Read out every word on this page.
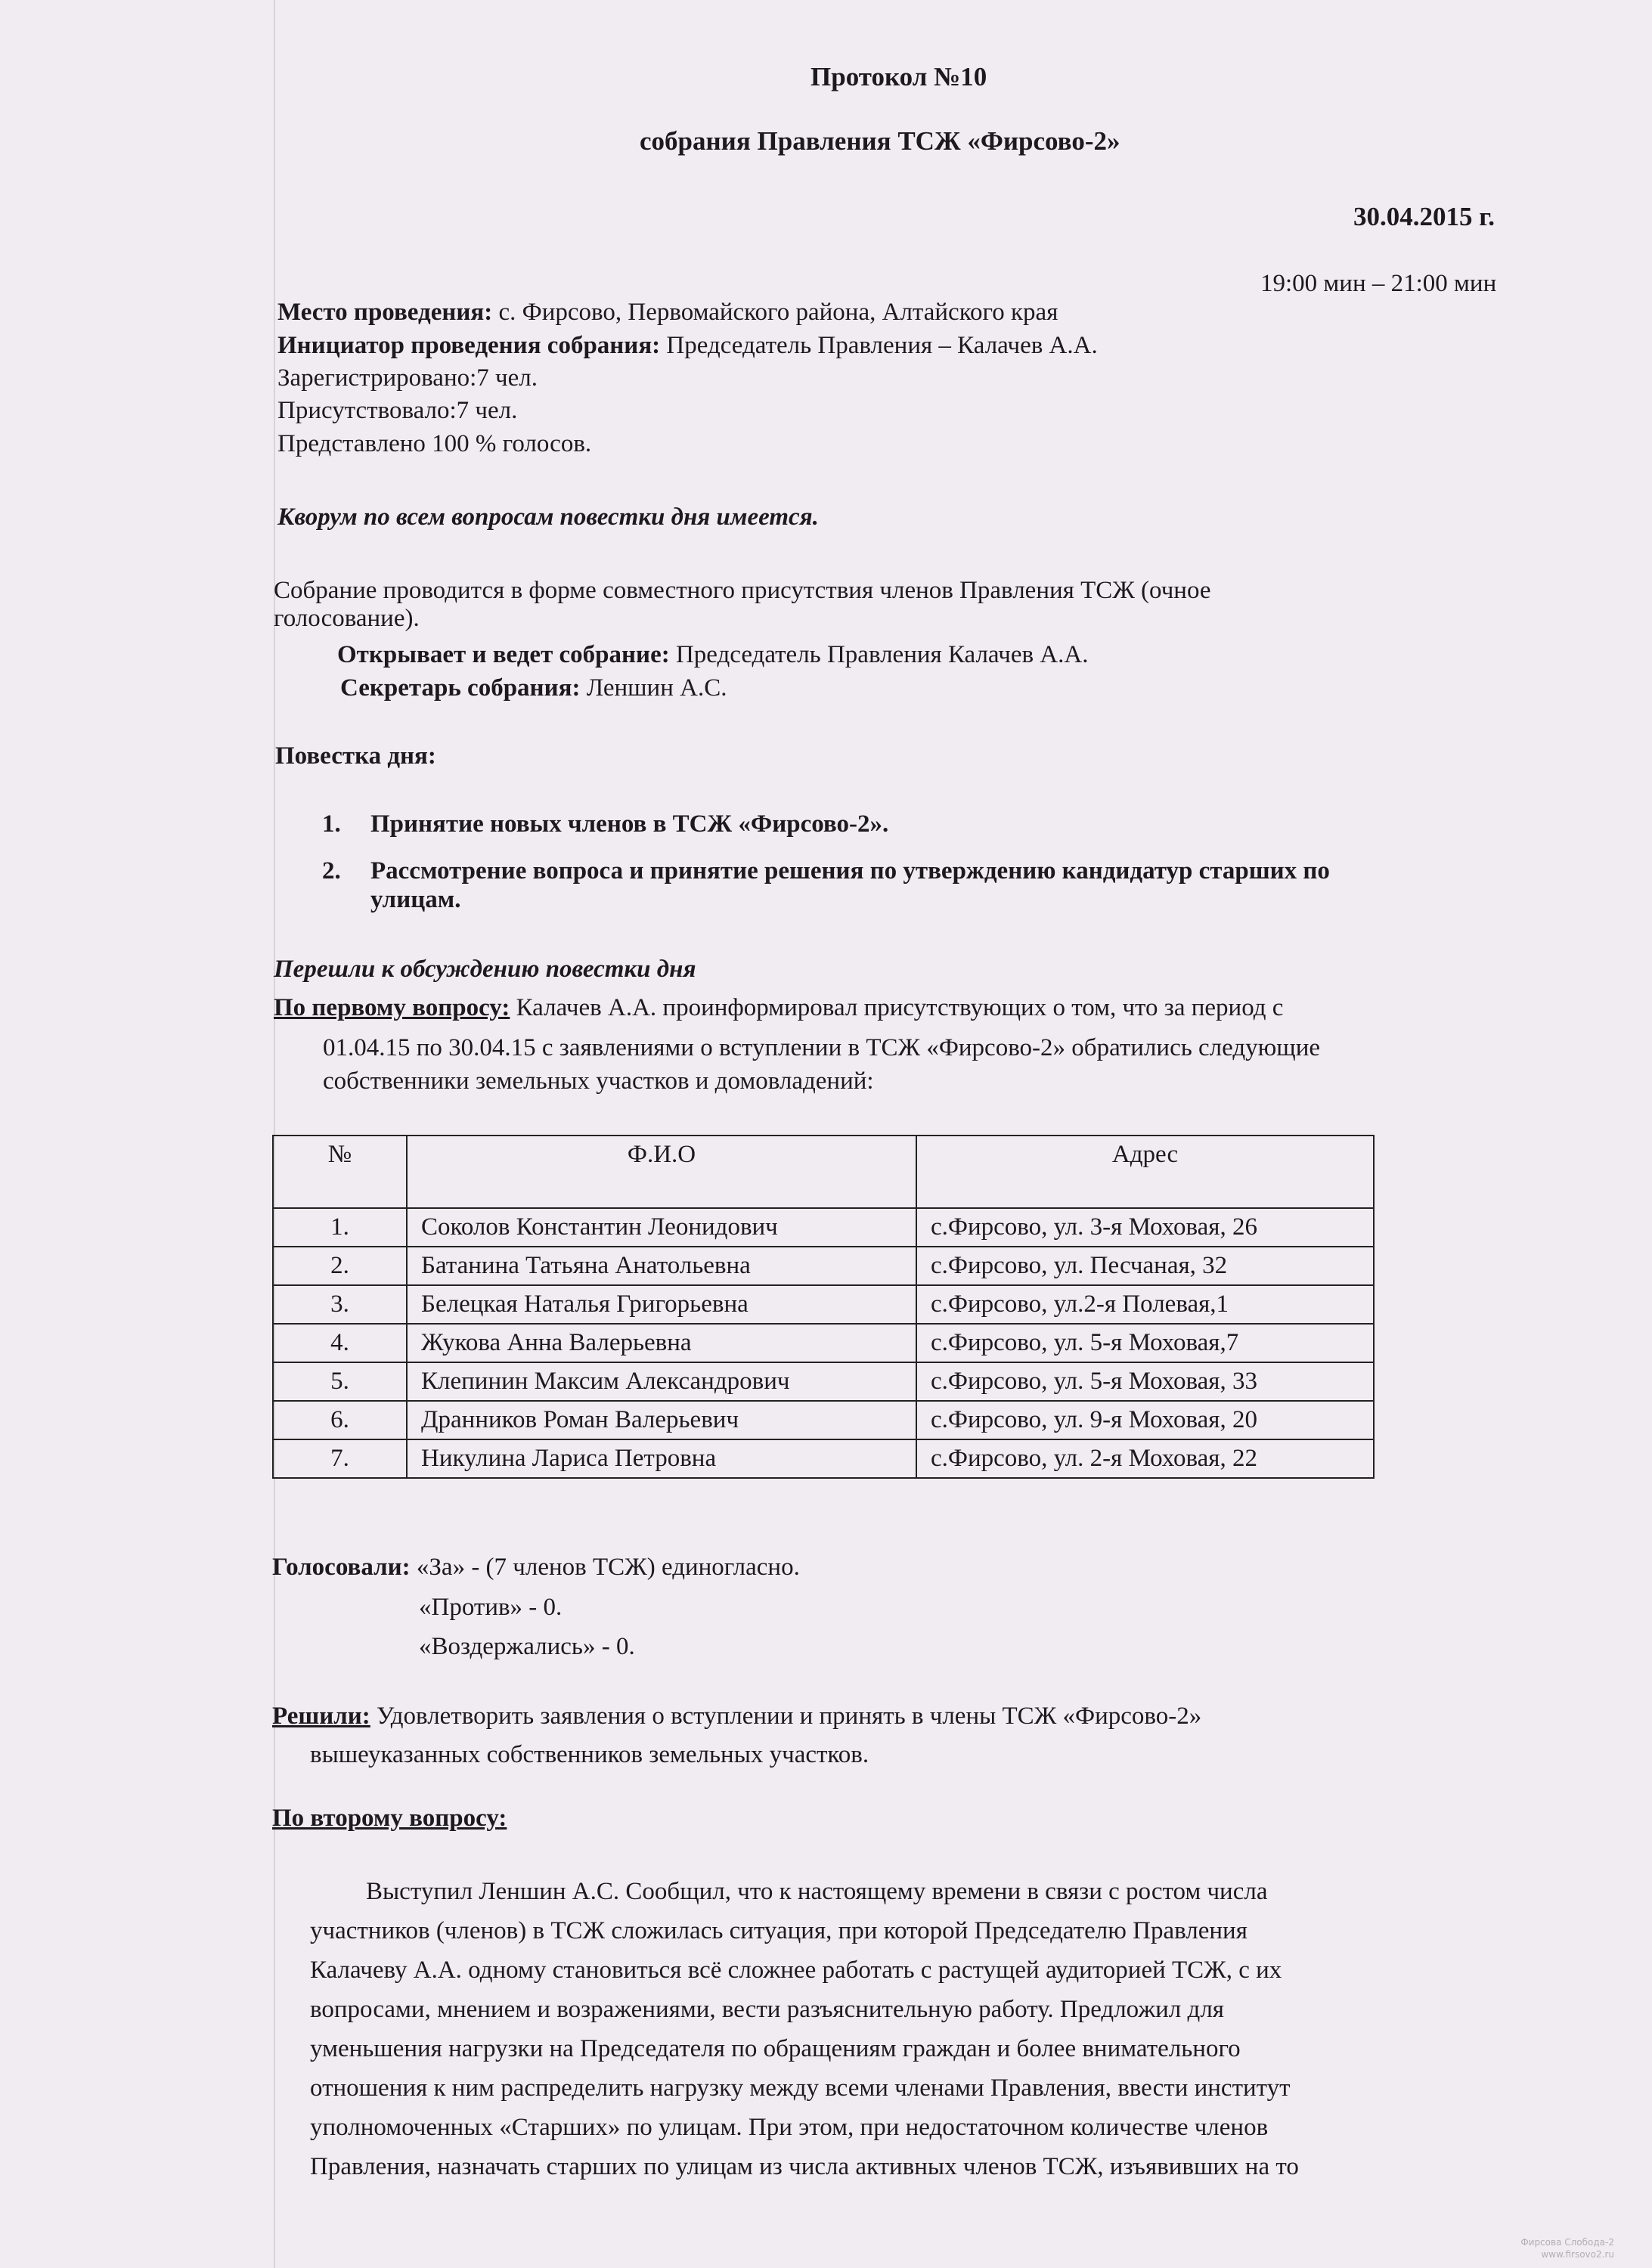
Протокол №10
собрания Правления ТСЖ «Фирсово-2»
30.04.2015 г.
19:00 мин – 21:00 мин
Место проведения: с. Фирсово, Первомайского района, Алтайского края
Инициатор проведения собрания: Председатель Правления – Калачев А.А.
Зарегистрировано:7 чел.
Присутствовало:7 чел.
Представлено 100 % голосов.
Кворум по всем вопросам повестки дня имеется.
Собрание проводится в форме совместного присутствия членов Правления ТСЖ (очное
голосование).
Открывает и ведет собрание: Председатель Правления Калачев А.А.
Секретарь собрания: Леншин А.С.
Повестка дня:
1. Принятие новых членов в ТСЖ «Фирсово-2».
2. Рассмотрение вопроса и принятие решения по утверждению кандидатур старших по
улицам.
Перешли к обсуждению повестки дня
По первому вопросу: Калачев А.А. проинформировал присутствующих о том, что за период с
01.04.15 по 30.04.15 с заявлениями о вступлении в ТСЖ «Фирсово-2» обратились следующие
собственники земельных участков и домовладений:
№	Ф.И.О	Адрес
1.	Соколов Константин Леонидович	с.Фирсово, ул. 3-я Моховая, 26
2.	Батанина Татьяна Анатольевна	с.Фирсово, ул. Песчаная, 32
3.	Белецкая Наталья Григорьевна	с.Фирсово, ул.2-я Полевая,1
4.	Жукова Анна Валерьевна	с.Фирсово, ул. 5-я Моховая,7
5.	Клепинин Максим Александрович	с.Фирсово, ул. 5-я Моховая, 33
6.	Дранников Роман Валерьевич	с.Фирсово, ул. 9-я Моховая, 20
7.	Никулина Лариса Петровна	с.Фирсово, ул. 2-я Моховая, 22
Голосовали: «За» - (7 членов ТСЖ) единогласно.
«Против» - 0.
«Воздержались» - 0.
Решили: Удовлетворить заявления о вступлении и принять в члены ТСЖ «Фирсово-2»
вышеуказанных собственников земельных участков.
По второму вопросу:
Выступил Леншин А.С. Сообщил, что к настоящему времени в связи с ростом числа
участников (членов) в ТСЖ сложилась ситуация, при которой Председателю Правления
Калачеву А.А. одному становиться всё сложнее работать с растущей аудиторией ТСЖ, с их
вопросами, мнением и возражениями, вести разъяснительную работу. Предложил для
уменьшения нагрузки на Председателя по обращениям граждан и более внимательного
отношения к ним распределить нагрузку между всеми членами Правления, ввести институт
уполномоченных «Старших» по улицам. При этом, при недостаточном количестве членов
Правления, назначать старших по улицам из числа активных членов ТСЖ, изъявивших на то
Фирсова Слобода-2
www.firsovo2.ru
